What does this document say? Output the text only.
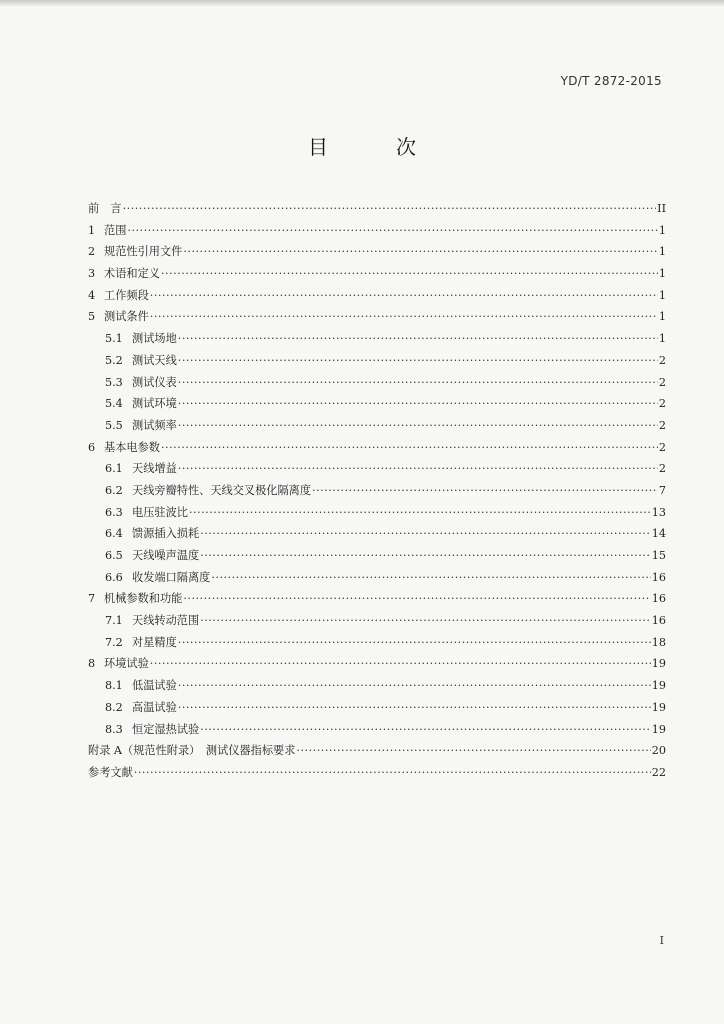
YD/T 2872-2015
目　次
前　言 ·····	II
1 范围 ·····	1
2 规范性引用文件 ·····	1
3 术语和定义 ·····	1
4 工作频段 ·····	1
5 测试条件 ·····	1
5.1 测试场地 ·····	1
5.2 测试天线 ·····	2
5.3 测试仪表 ·····	2
5.4 测试环境 ·····	2
5.5 测试频率 ·····	2
6 基本电参数 ·····	2
6.1 天线增益 ·····	2
6.2 天线旁瓣特性、天线交叉极化隔离度 ·····	7
6.3 电压驻波比 ·····	13
6.4 馈源插入损耗 ·····	14
6.5 天线噪声温度 ·····	15
6.6 收发端口隔离度 ·····	16
7 机械参数和功能 ·····	16
7.1 天线转动范围 ·····	16
7.2 对星精度 ·····	18
8 环境试验 ·····	19
8.1 低温试验 ·····	19
8.2 高温试验 ·····	19
8.3 恒定湿热试验 ·····	19
附录 A（规范性附录）　测试仪器指标要求 ·····	20
参考文献 ·····	22
I
